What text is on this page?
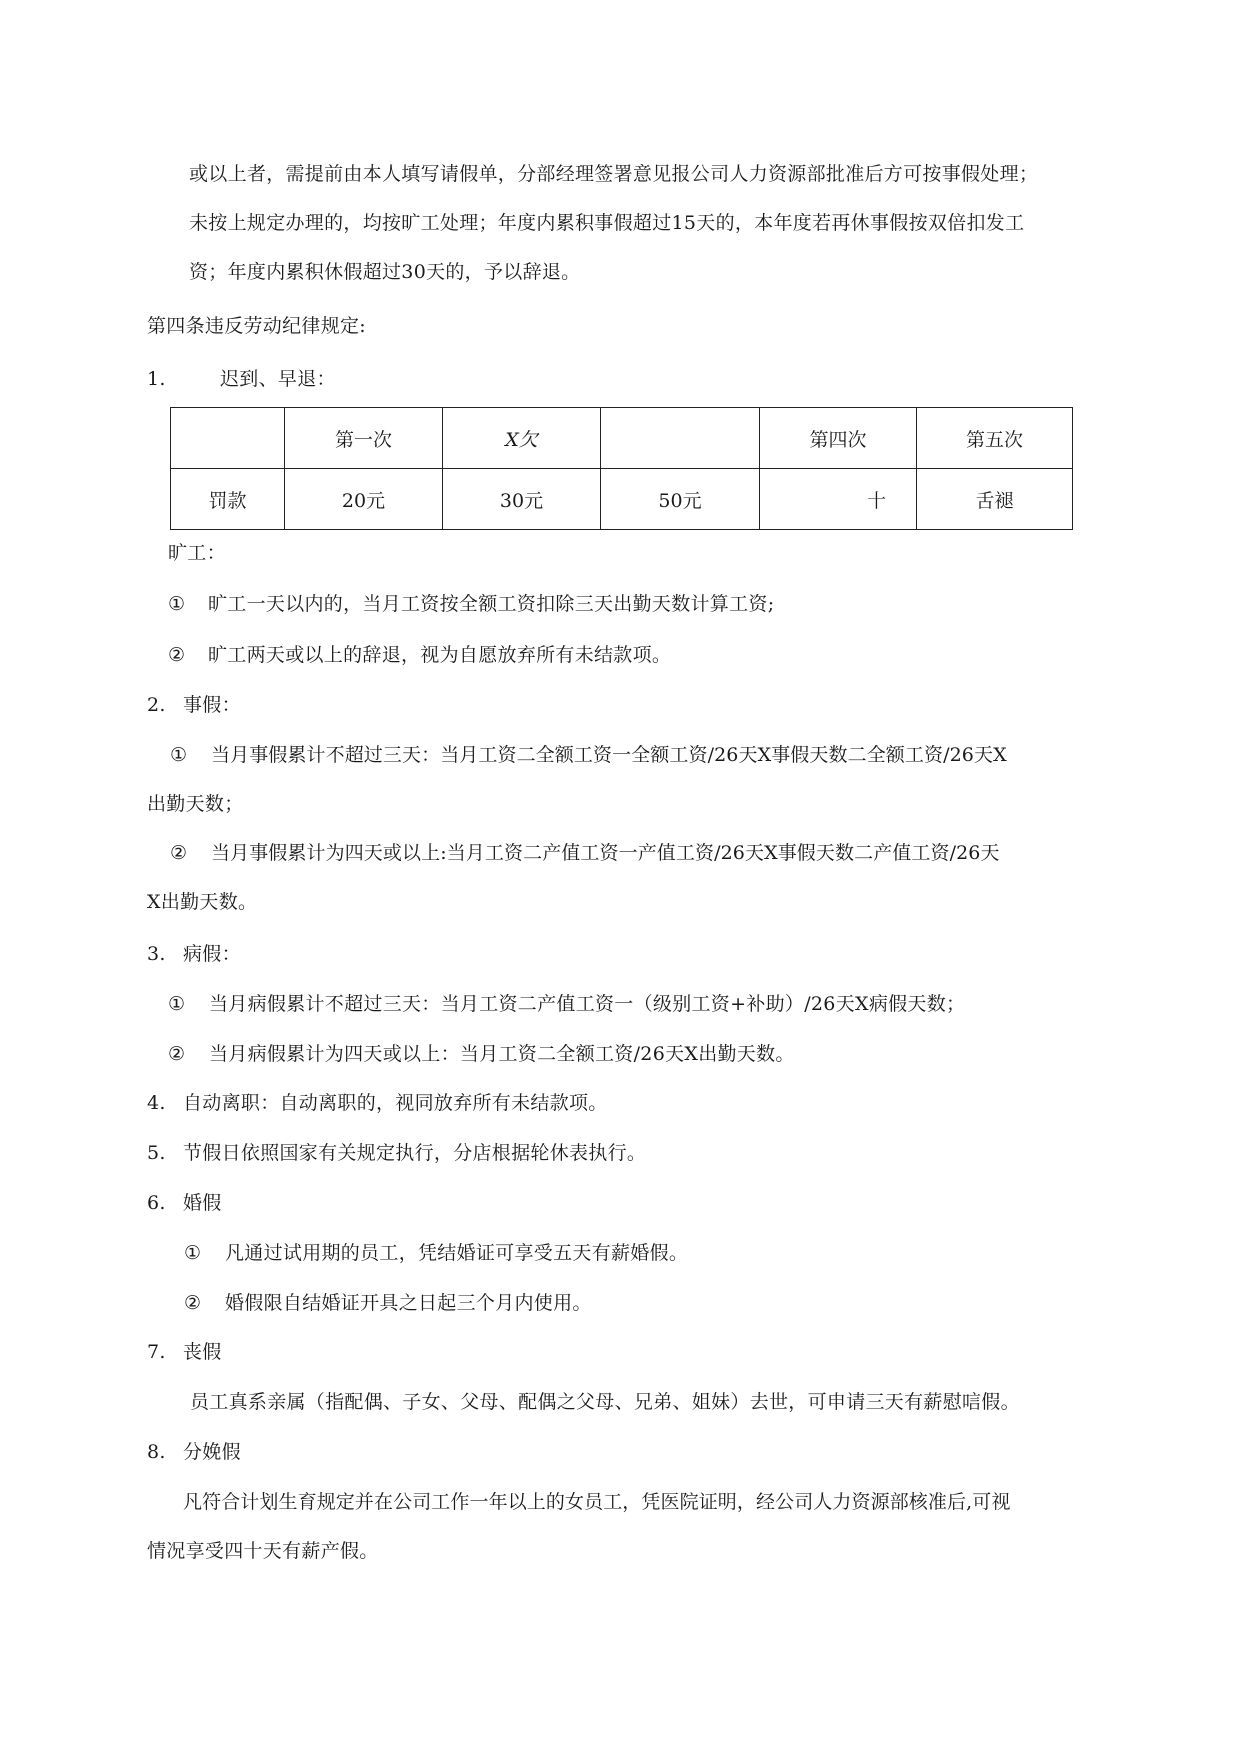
或以上者，需提前由本人填写请假单，分部经理签署意见报公司人力资源部批准后方可按事假处理；
未按上规定办理的，均按旷工处理；年度内累积事假超过15天的，本年度若再休事假按双倍扣发工
资；年度内累积休假超过30天的，予以辞退。
第四条违反劳动纪律规定:
1.	迟到、早退：
	第一次	X欠		第四次	第五次
罚款	20元	30元	50元	十	舌褪
旷工：
① 旷工一天以内的，当月工资按全额工资扣除三天出勤天数计算工资;
② 旷工两天或以上的辞退，视为自愿放弃所有未结款项。
2. 事假：
① 当月事假累计不超过三天：当月工资二全额工资一全额工资/26天X事假天数二全额工资/26天X
出勤天数；
② 当月事假累计为四天或以上:当月工资二产值工资一产值工资/26天X事假天数二产值工资/26天
X出勤天数。
3. 病假：
① 当月病假累计不超过三天：当月工资二产值工资一（级别工资+补助）/26天X病假天数；
② 当月病假累计为四天或以上：当月工资二全额工资/26天X出勤天数。
4. 自动离职：自动离职的，视同放弃所有未结款项。
5. 节假日依照国家有关规定执行，分店根据轮休表执行。
6. 婚假
① 凡通过试用期的员工，凭结婚证可享受五天有薪婚假。
② 婚假限自结婚证开具之日起三个月内使用。
7. 丧假
员工真系亲属（指配偶、子女、父母、配偶之父母、兄弟、姐妹）去世，可申请三天有薪慰唁假。
8. 分娩假
凡符合计划生育规定并在公司工作一年以上的女员工，凭医院证明，经公司人力资源部核准后,可视
情况享受四十天有薪产假。
